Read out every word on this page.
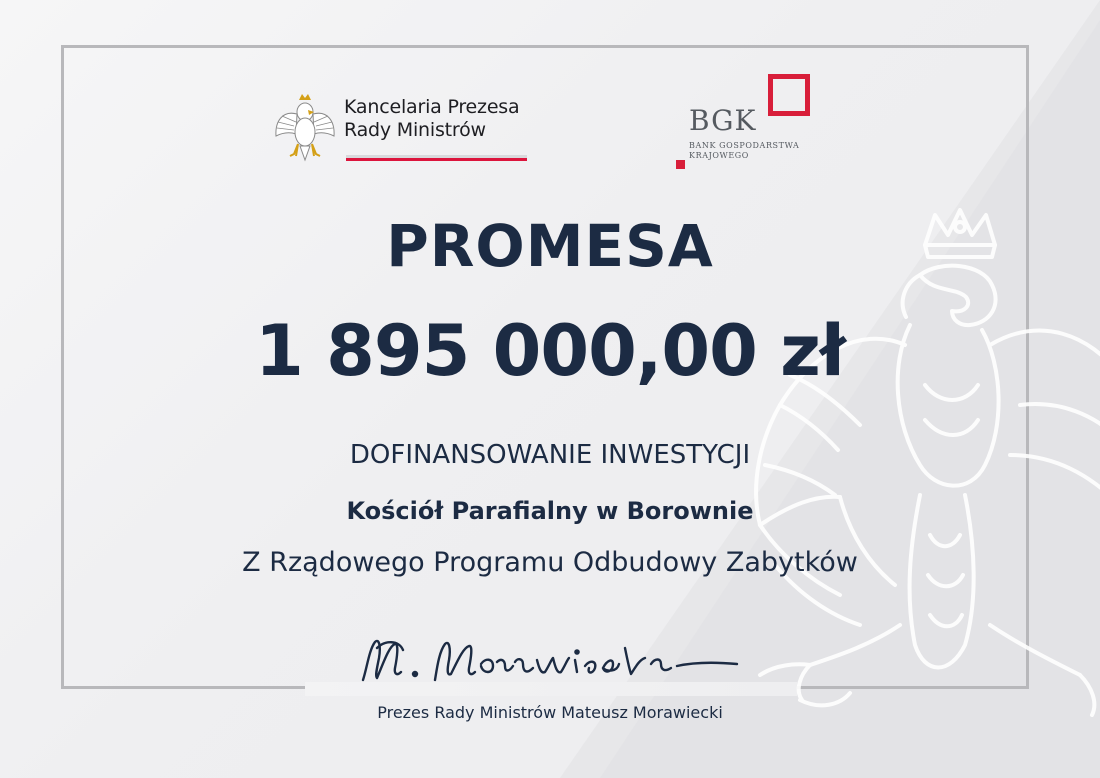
Kancelaria Prezesa
Rady Ministrów	BGK
BANK GOSPODARSTWA
KRAJOWEGO
PROMESA
1 895 000,00 zł
DOFINANSOWANIE INWESTYCJI
Kościół Parafialny w Borownie
Z Rządowego Programu Odbudowy Zabytków
Prezes Rady Ministrów Mateusz Morawiecki
